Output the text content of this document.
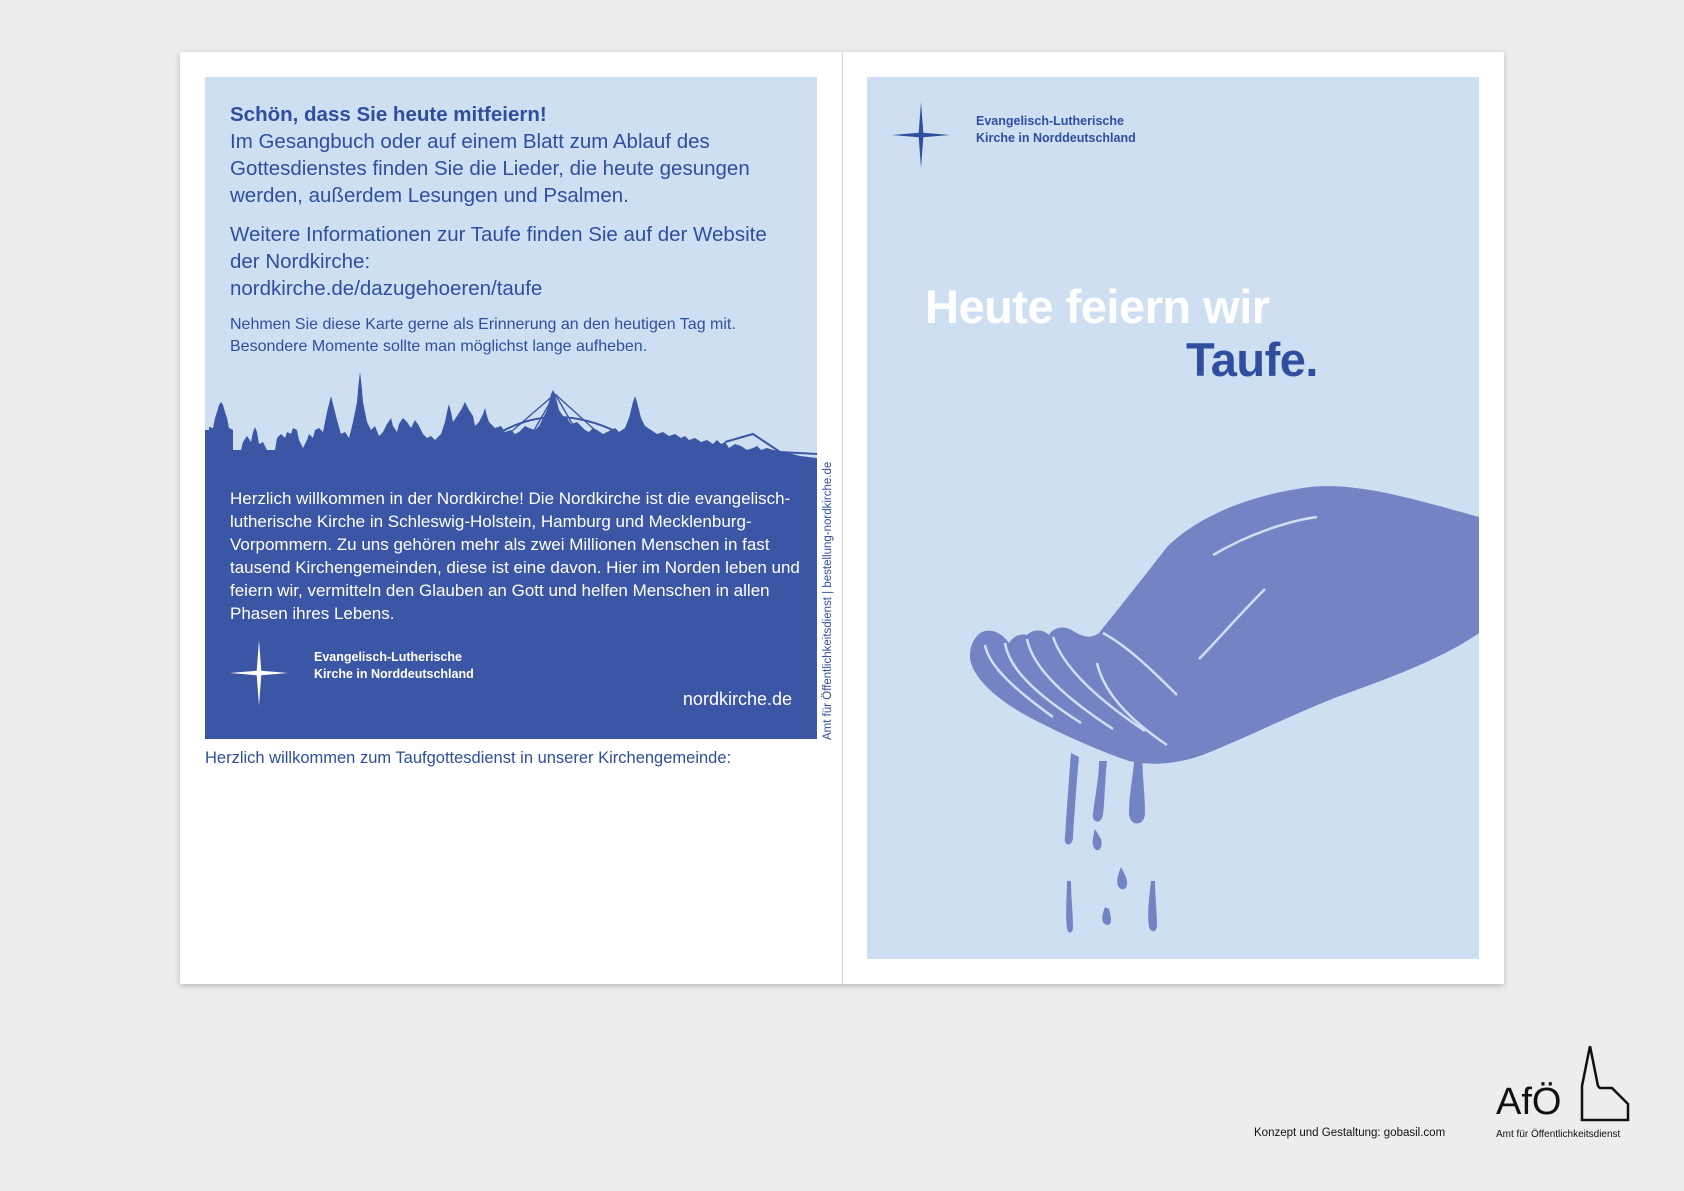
Schön, dass Sie heute mitfeiern!

Im Gesangbuch oder auf einem Blatt zum Ablauf des Gottesdienstes finden Sie die Lieder, die heute gesungen werden, außerdem Lesungen und Psalmen.

Weitere Informationen zur Taufe finden Sie auf der Website der Nordkirche:
nordkirche.de/dazugehoeren/taufe

Nehmen Sie diese Karte gerne als Erinnerung an den heutigen Tag mit.
Besondere Momente sollte man möglichst lange aufheben.

Herzlich willkommen in der Nordkirche! Die Nordkirche ist die evangelisch-lutherische Kirche in Schleswig-Holstein, Hamburg und Mecklenburg-Vorpommern. Zu uns gehören mehr als zwei Millionen Menschen in fast tausend Kirchengemeinden, diese ist eine davon. Hier im Norden leben und feiern wir, vermitteln den Glauben an Gott und helfen Menschen in allen Phasen ihres Lebens.

Evangelisch-Lutherische
Kirche in Norddeutschland
nordkirche.de
Herzlich willkommen zum Taufgottesdienst in unserer Kirchengemeinde:
Amt für Öffentlichkeitsdienst | bestellung-nordkirche.de
Evangelisch-Lutherische
Kirche in Norddeutschland
Heute feiern wir
Taufe.
Konzept und Gestaltung: gobasil.com
AfÖ
Amt für Öffentlichkeitsdienst
